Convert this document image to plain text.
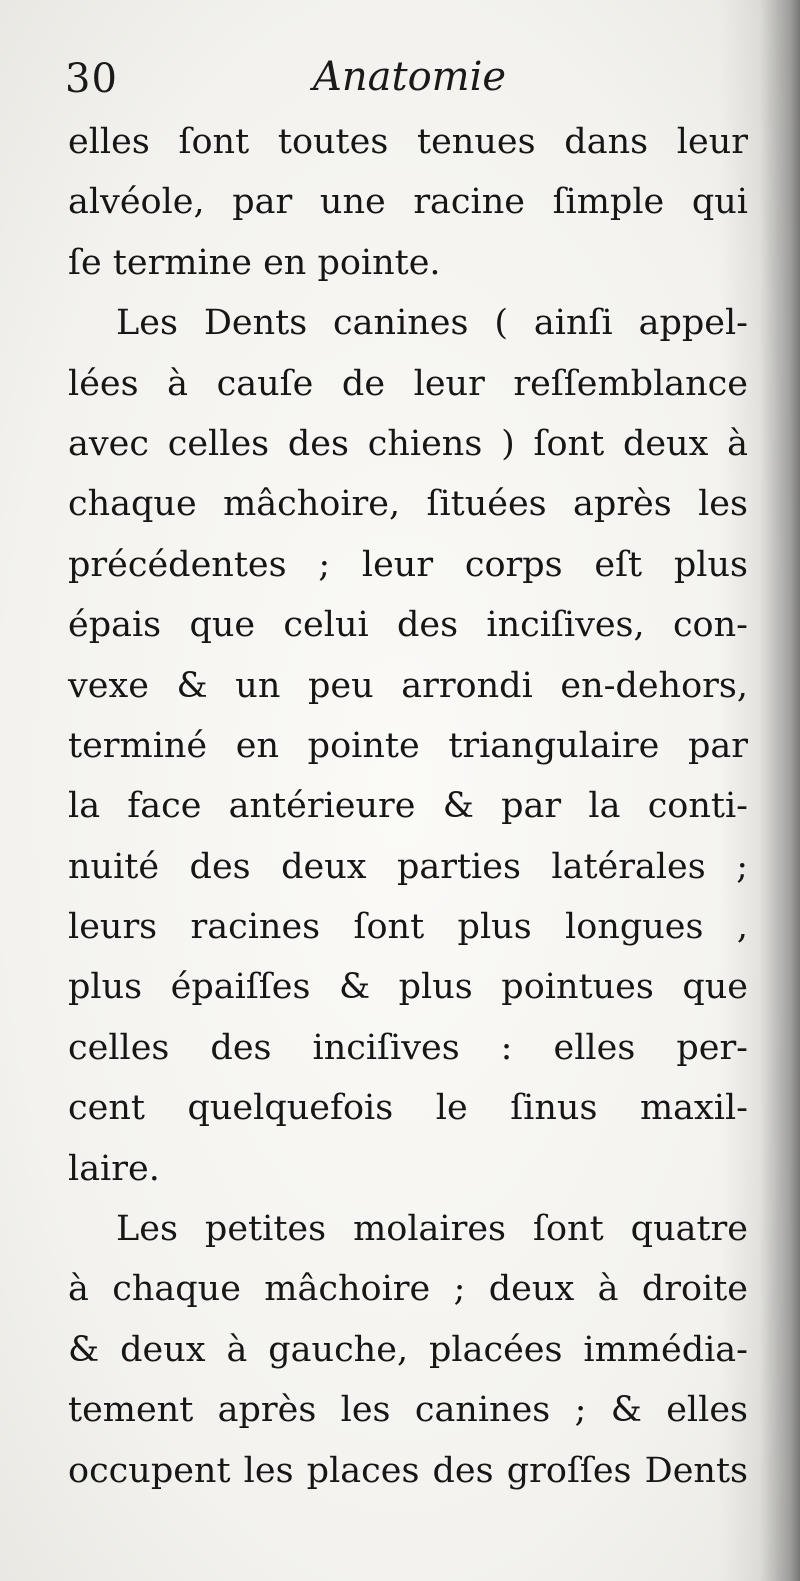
30	Anatomie
elles ſont toutes tenues dans leur
alvéole, par une racine ſimple qui
ſe termine en pointe.
Les Dents canines ( ainſi appel-
lées à cauſe de leur reſſemblance
avec celles des chiens ) ſont deux à
chaque mâchoire, ſituées après les
précédentes ; leur corps eſt plus
épais que celui des inciſives, con-
vexe & un peu arrondi en-dehors,
terminé en pointe triangulaire par
la face antérieure & par la conti-
nuité des deux parties latérales ;
leurs racines ſont plus longues ,
plus épaiſſes & plus pointues que
celles des inciſives : elles per-
cent quelquefois le ſinus maxil-
laire.
Les petites molaires ſont quatre
à chaque mâchoire ; deux à droite
& deux à gauche, placées immédia-
tement après les canines ; & elles
occupent les places des groſſes Dents
